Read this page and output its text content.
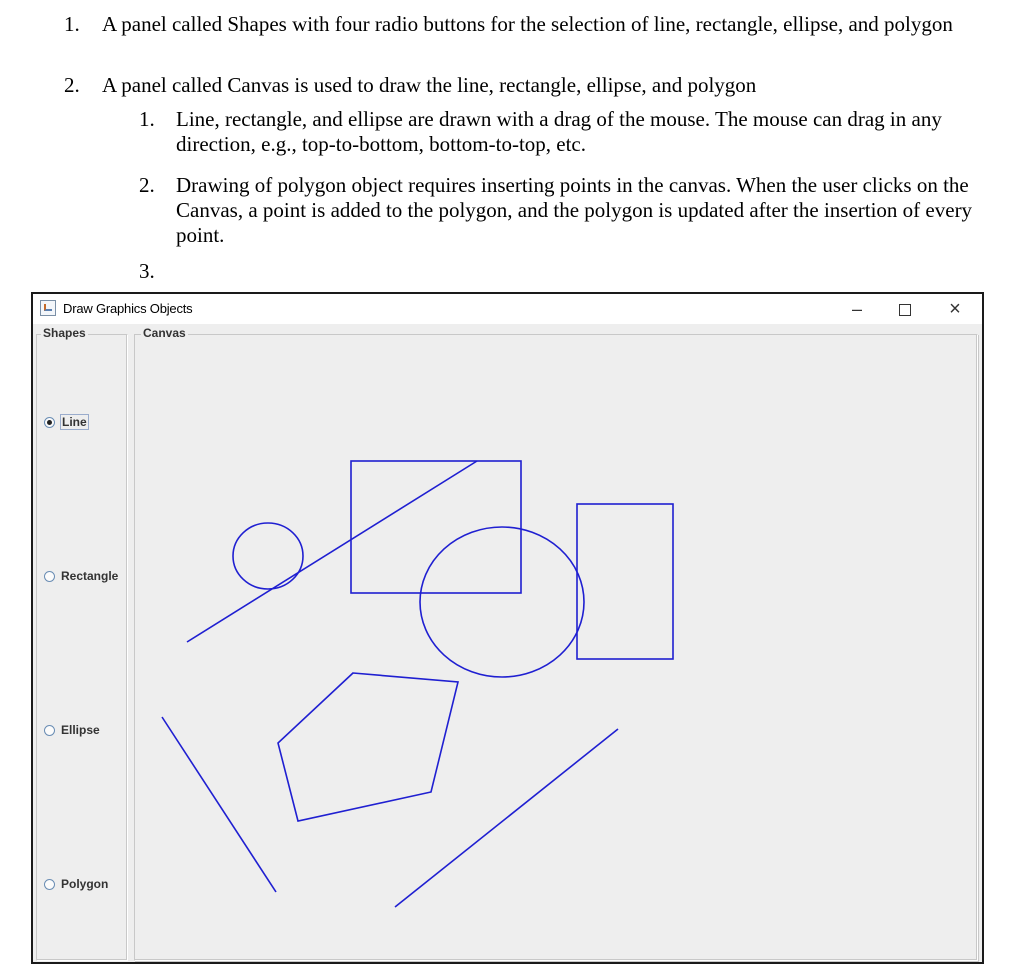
1. A panel called Shapes with four radio buttons for the selection of line, rectangle, ellipse, and polygon
2. A panel called Canvas is used to draw the line, rectangle, ellipse, and polygon
1. Line, rectangle, and ellipse are drawn with a drag of the mouse. The mouse can drag in any direction, e.g., top-to-bottom, bottom-to-top, etc.
2. Drawing of polygon object requires inserting points in the canvas. When the user clicks on the Canvas, a point is added to the polygon, and the polygon is updated after the insertion of every point.
3.
Draw Graphics Objects	–	×
Shapes
Line
Rectangle
Ellipse
Polygon
Canvas
